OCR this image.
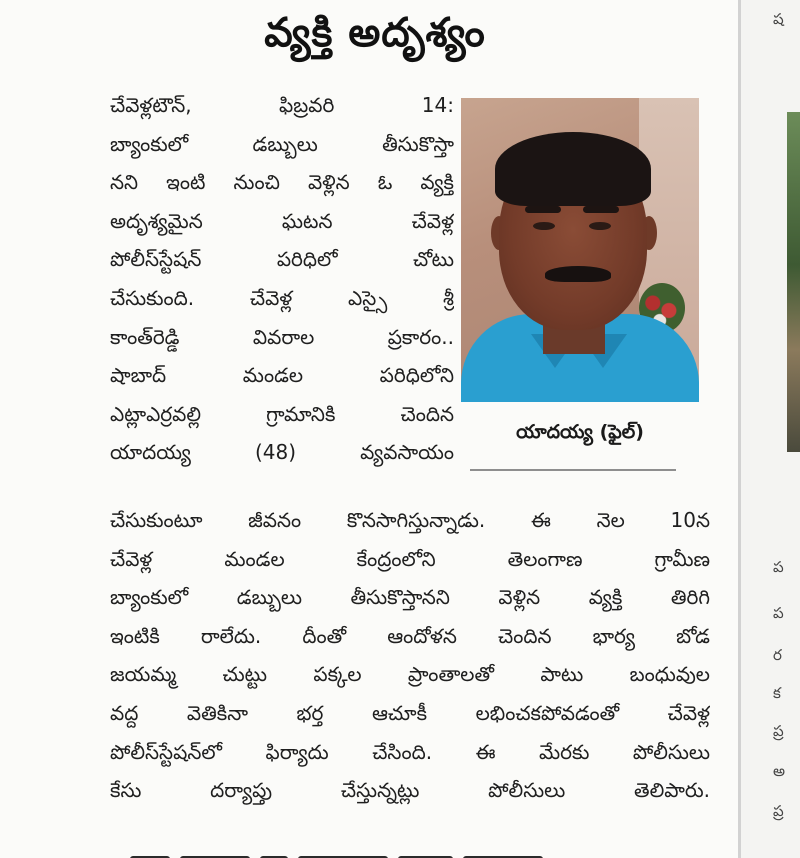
ష
ప
ప
ర
క
ప్ర
అ
ప్ర
వ్యక్తి అదృశ్యం
చేవెళ్లటౌన్, ఫిబ్రవరి 14:
బ్యాంకులో డబ్బులు తీసుకొస్తా
నని ఇంటి నుంచి వెళ్లిన ఓ వ్యక్తి
అదృశ్యమైన ఘటన చేవెళ్ల
పోలీస్‌స్టేషన్ పరిధిలో చోటు
చేసుకుంది. చేవెళ్ల ఎస్సై శ్రీ
కాంత్‌రెడ్డి వివరాల ప్రకారం..
షాబాద్ మండల పరిధిలోని
ఎట్లాఎర్రవల్లి గ్రామానికి చెందిన
యాదయ్య (48) వ్యవసాయం
యాదయ్య (ఫైల్)
చేసుకుంటూ జీవనం కొనసాగిస్తున్నాడు. ఈ నెల 10న
చేవెళ్ల మండల కేంద్రంలోని తెలంగాణ గ్రామీణ
బ్యాంకులో డబ్బులు తీసుకొస్తానని వెళ్లిన వ్యక్తి తిరిగి
ఇంటికి రాలేదు. దీంతో ఆందోళన చెందిన భార్య బోడ
జయమ్మ చుట్టు పక్కల ప్రాంతాలతో పాటు బంధువుల
వద్ద వెతికినా భర్త ఆచూకీ లభించకపోవడంతో చేవెళ్ల
పోలీస్‌స్టేషన్‌లో ఫిర్యాదు చేసింది. ఈ మేరకు పోలీసులు
కేసు దర్యాప్తు చేస్తున్నట్లు పోలీసులు తెలిపారు.
